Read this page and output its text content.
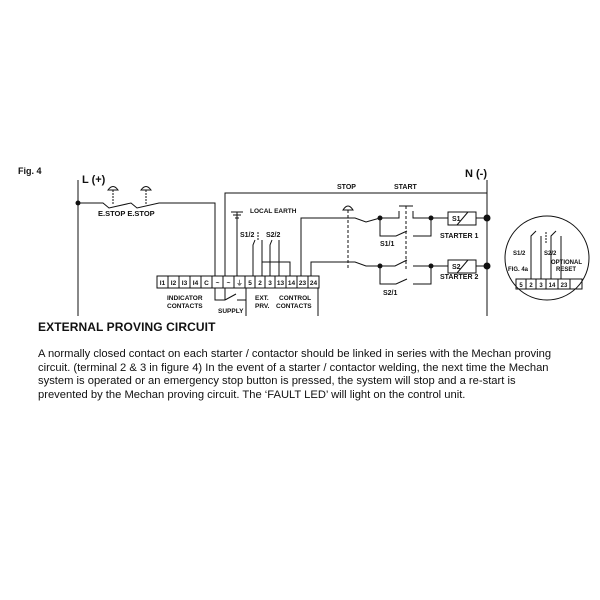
Fig. 4
L (+)	N (-)
E.STOP E.STOP	LOCAL EARTH
STOP	START
S1/2 S2/2
S1/1
S2/1
S1
S2
STARTER 1
STARTER 2
I1 I2 I3 I4 C ~ ~ ⏚ 5 2 3 13 14 23 24
INDICATOR
CONTACTS
SUPPLY
EXT.
PRV.
CONTROL
CONTACTS
S1/2	S2/2
FIG. 4a
OPTIONAL
RESET
5 2 3 14 23
EXTERNAL PROVING CIRCUIT

A normally closed contact on each starter / contactor should be linked in series with the Mechan proving circuit. (terminal 2 & 3 in figure 4) In the event of a starter / contactor welding, the next time the Mechan system is operated or an emergency stop button is pressed, the system will stop and a re-start is prevented by the Mechan proving circuit. The ‘FAULT LED’ will light on the control unit.
